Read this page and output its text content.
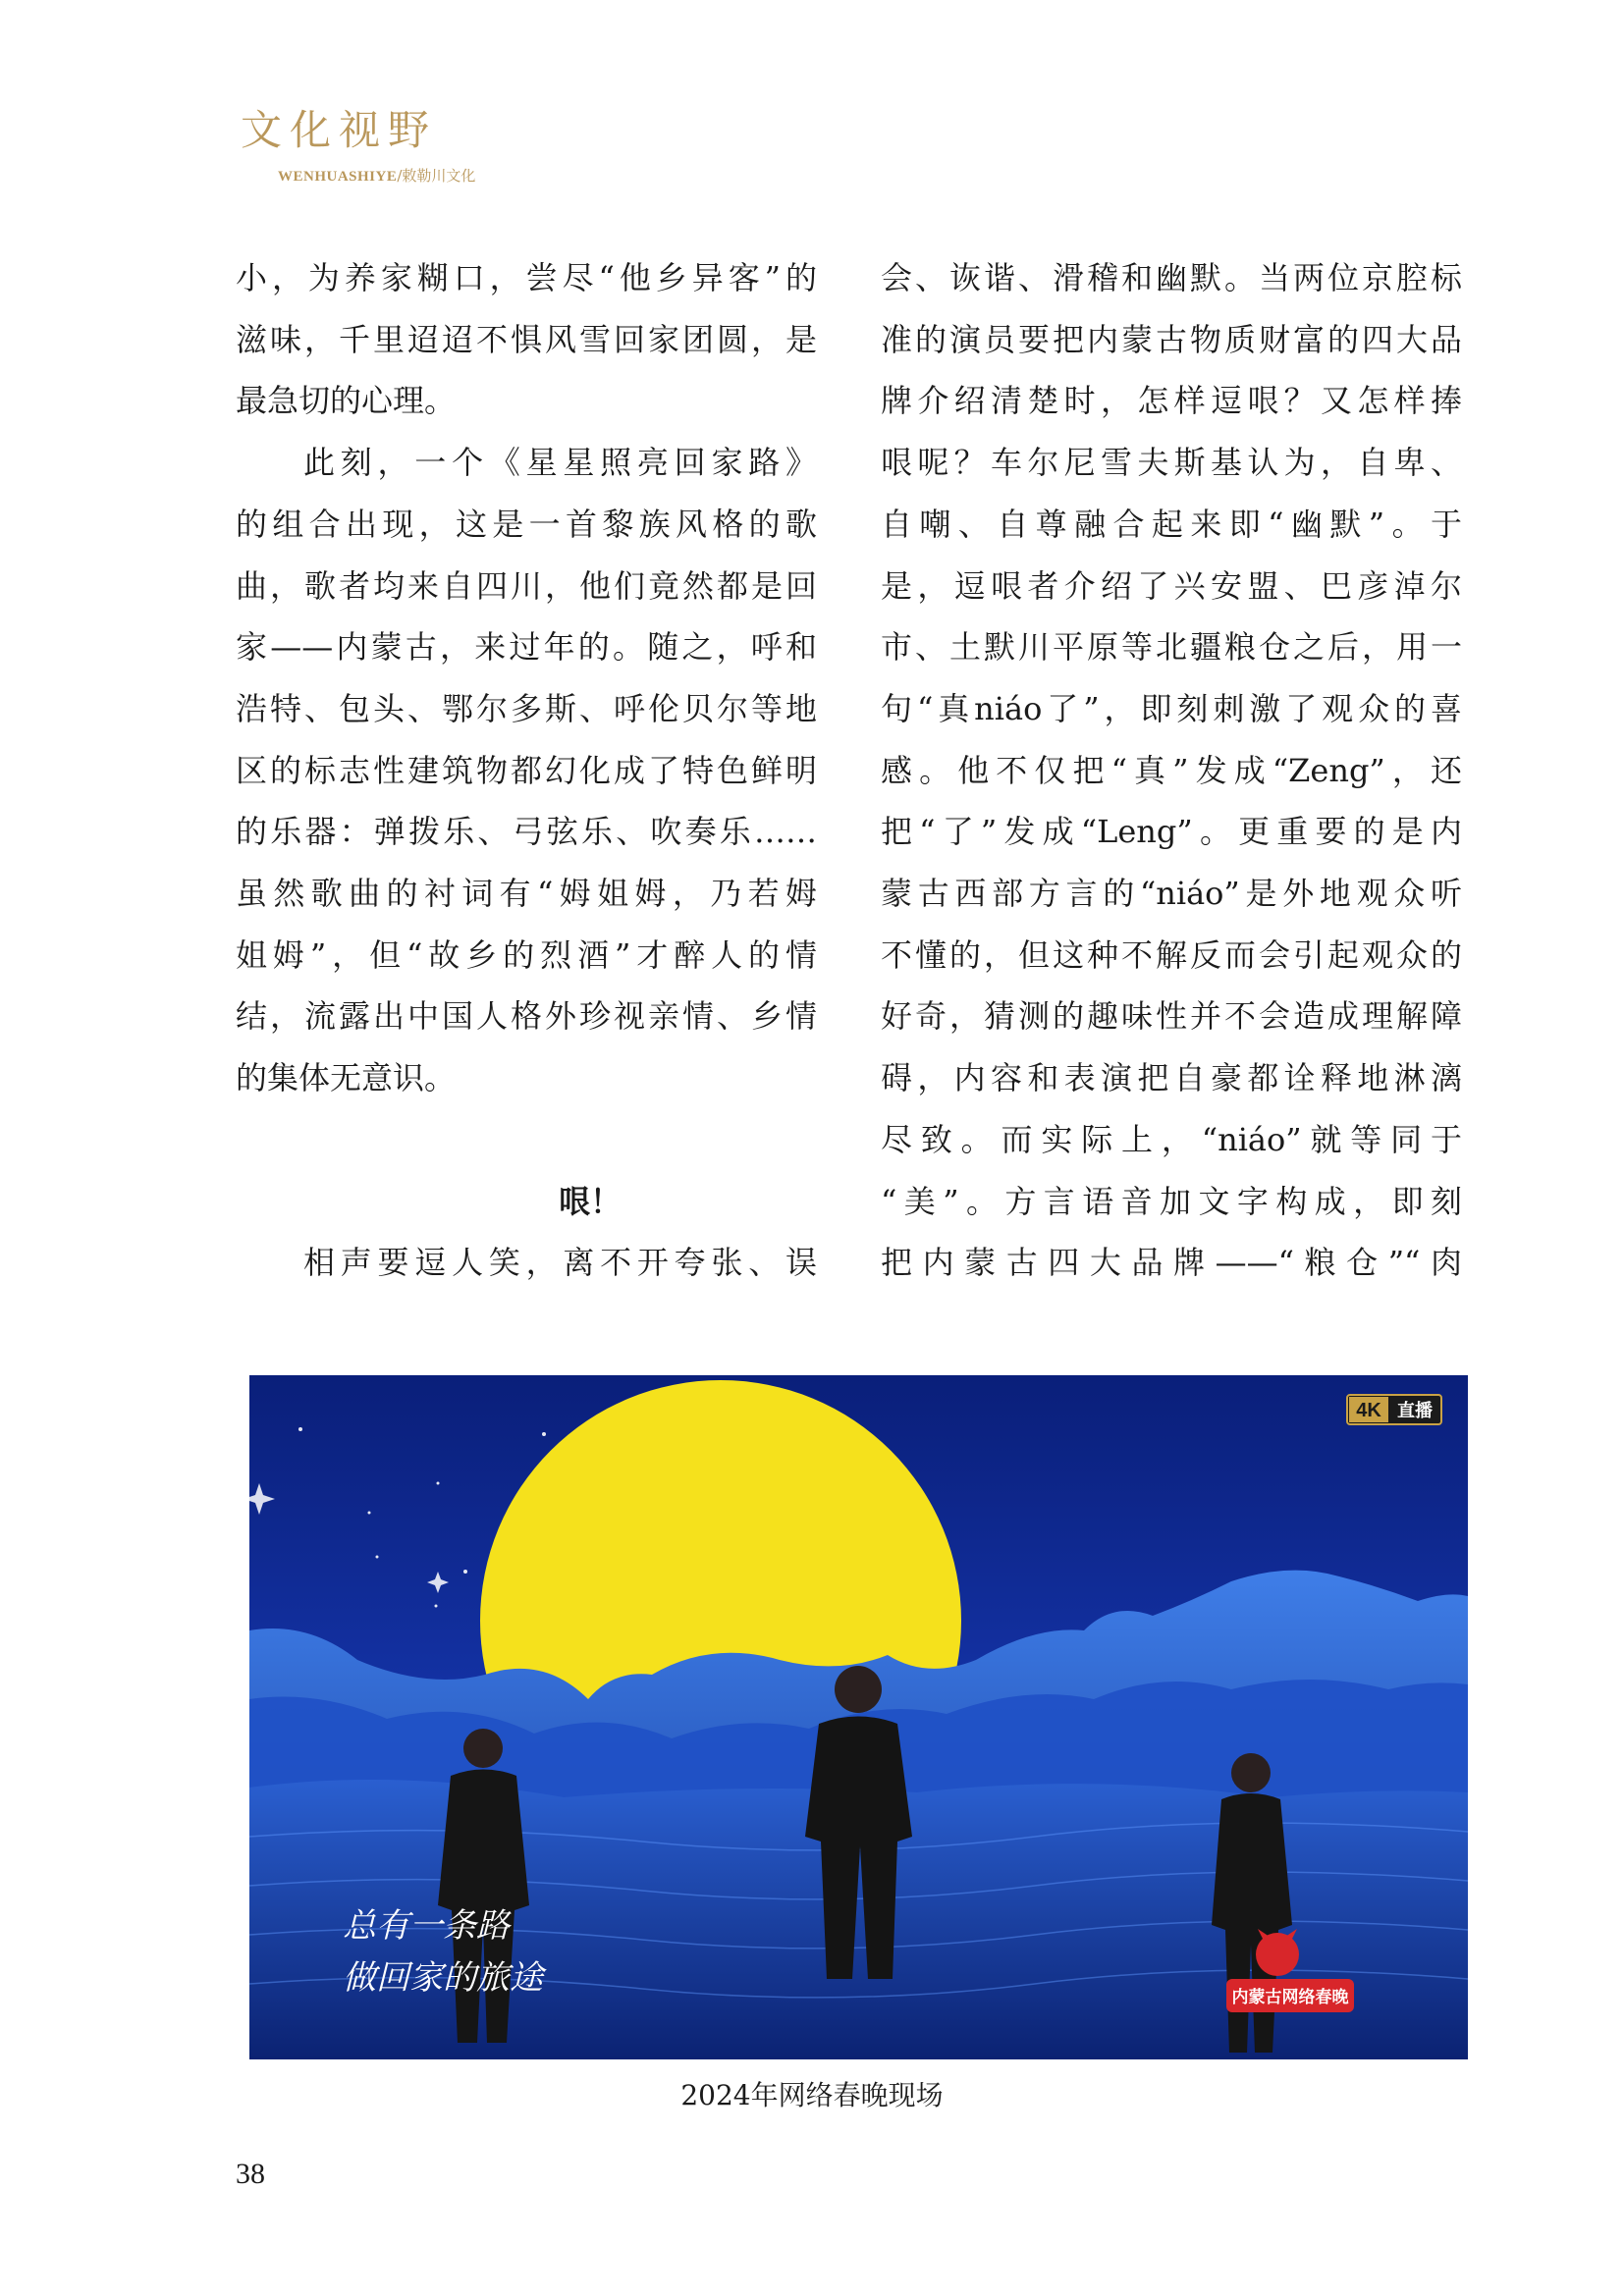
文化视野
WENHUASHIYE/敕勒川文化

小，为养家糊口，尝尽“他乡异客”的

滋味，千里迢迢不惧风雪回家团圆，是

最急切的心理。

此刻，一个《星星照亮回家路》

的组合出现，这是一首黎族风格的歌

曲，歌者均来自四川，他们竟然都是回

家——内蒙古，来过年的。随之，呼和

浩特、包头、鄂尔多斯、呼伦贝尔等地

区的标志性建筑物都幻化成了特色鲜明

的乐器：弹拨乐、弓弦乐、吹奏乐……

虽然歌曲的衬词有“姆姐姆，乃若姆

姐姆”，但“故乡的烈酒”才醉人的情

结，流露出中国人格外珍视亲情、乡情

的集体无意识。

哏！

相声要逗人笑，离不开夸张、误

会、诙谐、滑稽和幽默。当两位京腔标

准的演员要把内蒙古物质财富的四大品

牌介绍清楚时，怎样逗哏？又怎样捧

哏呢？车尔尼雪夫斯基认为，自卑、

自嘲、自尊融合起来即“幽默”。于

是，逗哏者介绍了兴安盟、巴彦淖尔

市、土默川平原等北疆粮仓之后，用一

句“真niáo了”，即刻刺激了观众的喜

感。他不仅把“真”发成“Zeng”，还

把“了”发成“Leng”。更重要的是内

蒙古西部方言的“niáo”是外地观众听

不懂的，但这种不解反而会引起观众的

好奇，猜测的趣味性并不会造成理解障

碍，内容和表演把自豪都诠释地淋漓

尽致。而实际上，“niáo”就等同于

“美”。方言语音加文字构成，即刻

把内蒙古四大品牌——“粮仓”“肉

4K 直播
总有一条路
做回家的旅途	内蒙古网络春晚
2024年网络春晚现场
38
